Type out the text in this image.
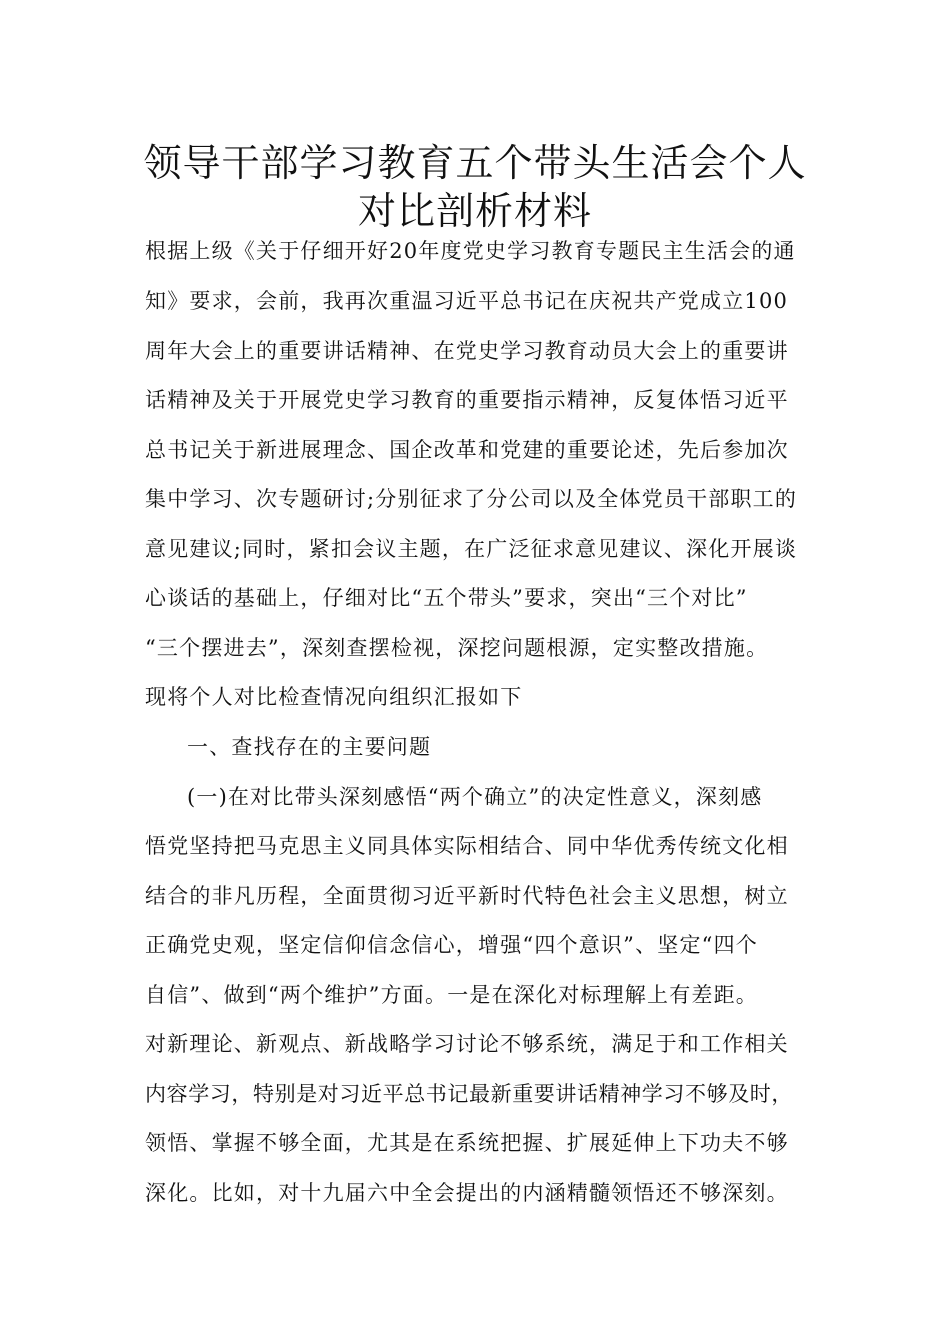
领导干部学习教育五个带头生活会个人
对比剖析材料
根据上级《关于仔细开好20年度党史学习教育专题民主生活会的通
知》要求，会前，我再次重温习近平总书记在庆祝共产党成立100
周年大会上的重要讲话精神、在党史学习教育动员大会上的重要讲
话精神及关于开展党史学习教育的重要指示精神，反复体悟习近平
总书记关于新进展理念、国企改革和党建的重要论述，先后参加次
集中学习、次专题研讨;分别征求了分公司以及全体党员干部职工的
意见建议;同时，紧扣会议主题，在广泛征求意见建议、深化开展谈
心谈话的基础上，仔细对比“五个带头”要求，突出“三个对比”
“三个摆进去”，深刻查摆检视，深挖问题根源，定实整改措施。
现将个人对比检查情况向组织汇报如下
一、查找存在的主要问题
(一)在对比带头深刻感悟“两个确立”的决定性意义，深刻感
悟党坚持把马克思主义同具体实际相结合、同中华优秀传统文化相
结合的非凡历程，全面贯彻习近平新时代特色社会主义思想，树立
正确党史观，坚定信仰信念信心，增强“四个意识”、坚定“四个
自信”、做到“两个维护”方面。一是在深化对标理解上有差距。
对新理论、新观点、新战略学习讨论不够系统，满足于和工作相关
内容学习，特别是对习近平总书记最新重要讲话精神学习不够及时，
领悟、掌握不够全面，尤其是在系统把握、扩展延伸上下功夫不够
深化。比如，对十九届六中全会提出的内涵精髓领悟还不够深刻。
